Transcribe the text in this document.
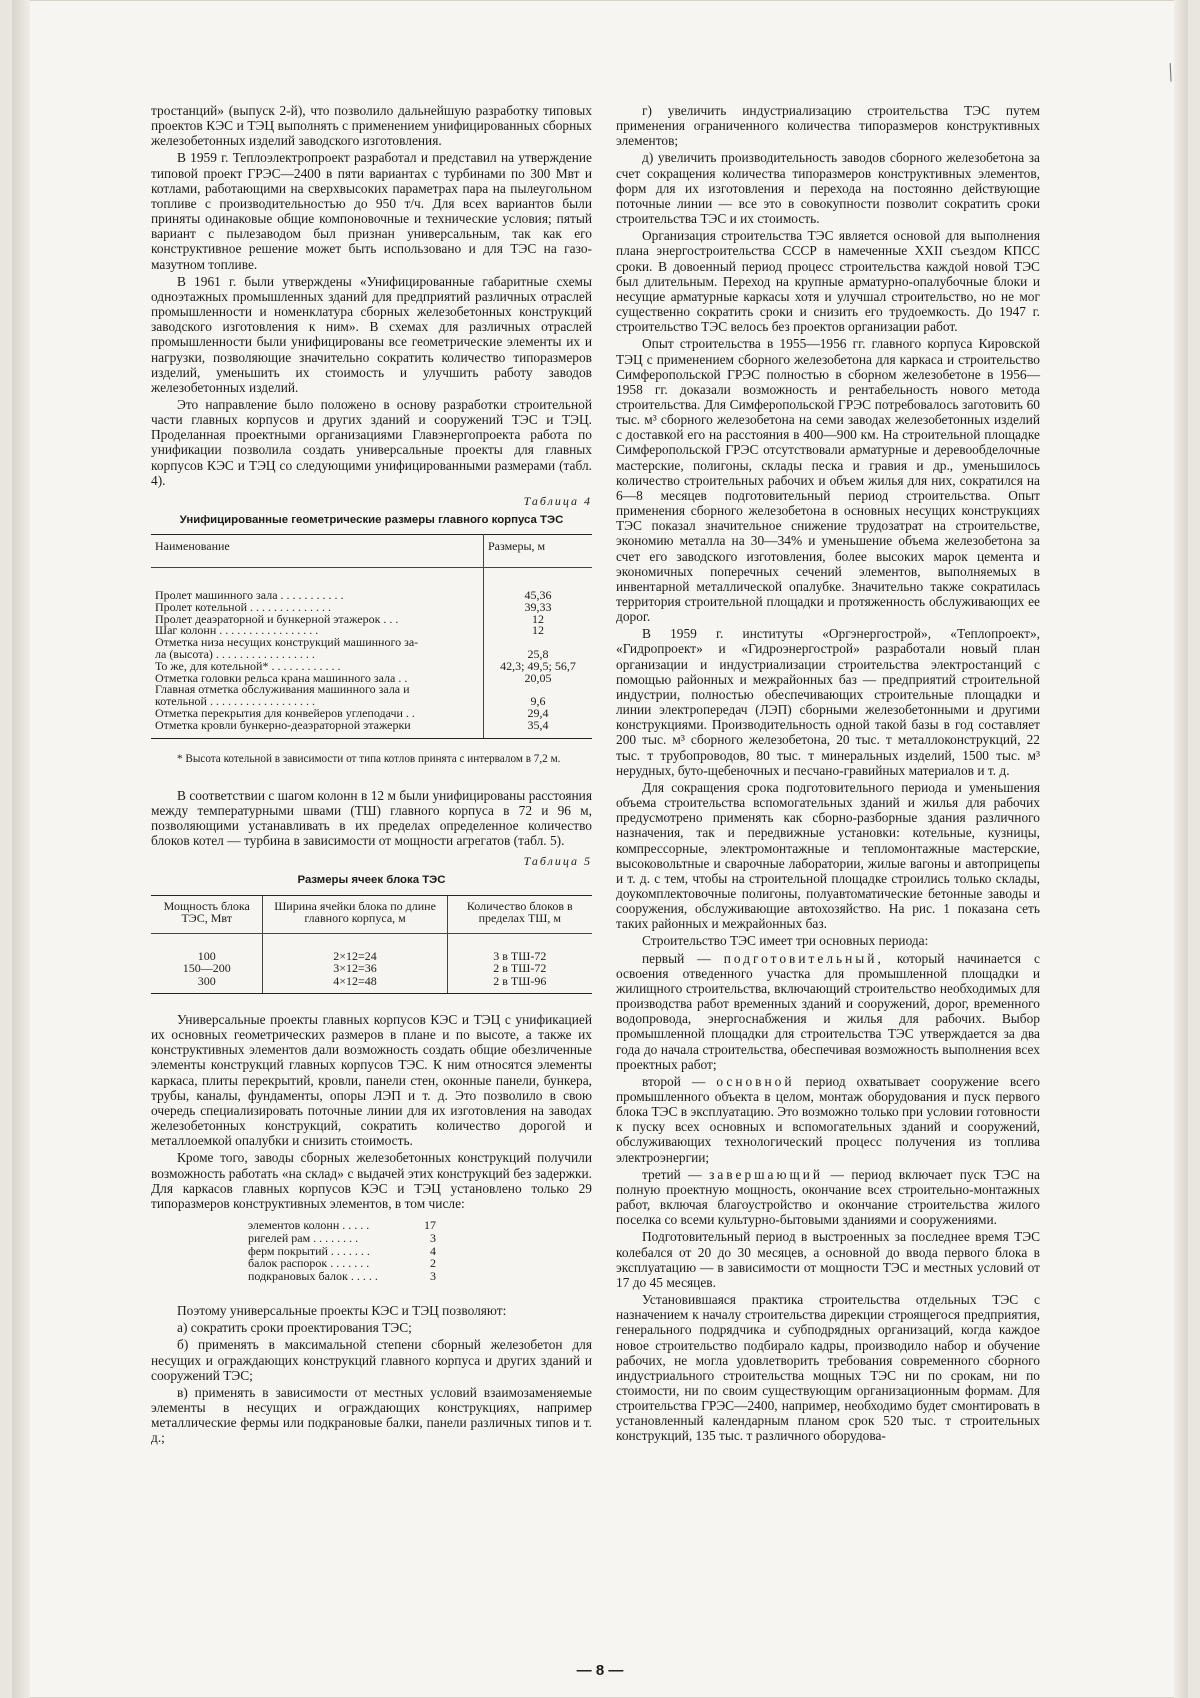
╱

тростанций» (выпуск 2-й), что позволило дальнейшую разработку типовых проектов КЭС и ТЭЦ выполнять с применением унифицированных сборных железобетонных изделий заводского изготовления.

В 1959 г. Теплоэлектропроект разработал и представил на утверждение типовой проект ГРЭС—2400 в пяти вариантах с турбинами по 300 Мвт и котлами, работающими на сверхвысоких параметрах пара на пылеугольном топливе с производительностью до 950 т/ч. Для всех вариантов были приняты одинаковые общие компоновочные и технические условия; пятый вариант с пылезаводом был признан универсальным, так как его конструктивное решение может быть использовано и для ТЭС на газо-мазутном топливе.

В 1961 г. были утверждены «Унифицированные габаритные схемы одноэтажных промышленных зданий для предприятий различных отраслей промышленности и номенклатура сборных железобетонных конструкций заводского изготовления к ним». В схемах для различных отраслей промышленности были унифицированы все геометрические элементы их и нагрузки, позволяющие значительно сократить количество типоразмеров изделий, уменьшить их стоимость и улучшить работу заводов железобетонных изделий.

Это направление было положено в основу разработки строительной части главных корпусов и других зданий и сооружений ТЭС и ТЭЦ. Проделанная проектными организациями Главэнергопроекта работа по унификации позволила создать универсальные проекты для главных корпусов КЭС и ТЭЦ со следующими унифицированными размерами (табл. 4).

Таблица 4
Унифицированные геометрические размеры главного корпуса ТЭС
Наименование	Размеры, м
Пролет машинного зала . . . . . . . . . . .	45,36
Пролет котельной . . . . . . . . . . . . . .	39,33
Пролет деаэраторной и бункерной этажерок . . .	12
Шаг колонн . . . . . . . . . . . . . . . . .	12
Отметка низа несущих конструкций машинного за-	
ла (высота) . . . . . . . . . . . . . . . . .	25,8
То же, для котельной* . . . . . . . . . . . .	42,3; 49,5; 56,7
Отметка головки рельса крана машинного зала . .	20,05
Главная отметка обслуживания машинного зала и	
котельной . . . . . . . . . . . . . . . . . .	9,6
Отметка перекрытия для конвейеров углеподачи . .	29,4
Отметка кровли бункерно-деаэраторной этажерки	35,4
* Высота котельной в зависимости от типа котлов принята с интервалом в 7,2 м.

В соответствии с шагом колонн в 12 м были унифицированы расстояния между температурными швами (ТШ) главного корпуса в 72 и 96 м, позволяющими устанавливать в их пределах определенное количество блоков котел — турбина в зависимости от мощности агрегатов (табл. 5).

Таблица 5
Размеры ячеек блока ТЭС
Мощность блока ТЭС, Мвт	Ширина ячейки блока по длине главного корпуса, м	Количество блоков в пределах ТШ, м
100	2×12=24	3 в ТШ-72
150—200	3×12=36	2 в ТШ-72
300	4×12=48	2 в ТШ-96

Универсальные проекты главных корпусов КЭС и ТЭЦ с унификацией их основных геометрических размеров в плане и по высоте, а также их конструктивных элементов дали возможность создать общие обезличенные элементы конструкций главных корпусов ТЭС. К ним относятся элементы каркаса, плиты перекрытий, кровли, панели стен, оконные панели, бункера, трубы, каналы, фундаменты, опоры ЛЭП и т. д. Это позволило в свою очередь специализировать поточные линии для их изготовления на заводах железобетонных конструкций, сократить количество дорогой и металлоемкой опалубки и снизить стоимость.

Кроме того, заводы сборных железобетонных конструкций получили возможность работать «на склад» с выдачей этих конструкций без задержки. Для каркасов главных корпусов КЭС и ТЭЦ установлено только 29 типоразмеров конструктивных элементов, в том числе:

элементов колонн . . . . .	17
ригелей рам . . . . . . . .	3
ферм покрытий . . . . . . .	4
балок распорок . . . . . . .	2
подкрановых балок . . . . .	3

Поэтому универсальные проекты КЭС и ТЭЦ позволяют:

а) сократить сроки проектирования ТЭС;

б) применять в максимальной степени сборный железобетон для несущих и ограждающих конструкций главного корпуса и других зданий и сооружений ТЭС;

в) применять в зависимости от местных условий взаимозаменяемые элементы в несущих и ограждающих конструкциях, например металлические фермы или подкрановые балки, панели различных типов и т. д.;

г) увеличить индустриализацию строительства ТЭС путем применения ограниченного количества типоразмеров конструктивных элементов;

д) увеличить производительность заводов сборного железобетона за счет сокращения количества типоразмеров конструктивных элементов, форм для их изготовления и перехода на постоянно действующие поточные линии — все это в совокупности позволит сократить сроки строительства ТЭС и их стоимость.

Организация строительства ТЭС является основой для выполнения плана энергостроительства СССР в намеченные XXII съездом КПСС сроки. В довоенный период процесс строительства каждой новой ТЭС был длительным. Переход на крупные арматурно-опалубочные блоки и несущие арматурные каркасы хотя и улучшал строительство, но не мог существенно сократить сроки и снизить его трудоемкость. До 1947 г. строительство ТЭС велось без проектов организации работ.

Опыт строительства в 1955—1956 гг. главного корпуса Кировской ТЭЦ с применением сборного железобетона для каркаса и строительство Симферопольской ГРЭС полностью в сборном железобетоне в 1956—1958 гг. доказали возможность и рентабельность нового метода строительства. Для Симферопольской ГРЭС потребовалось заготовить 60 тыс. м³ сборного железобетона на семи заводах железобетонных изделий с доставкой его на расстояния в 400—900 км. На строительной площадке Симферопольской ГРЭС отсутствовали арматурные и деревообделочные мастерские, полигоны, склады песка и гравия и др., уменьшилось количество строительных рабочих и объем жилья для них, сократился на 6—8 месяцев подготовительный период строительства. Опыт применения сборного железобетона в основных несущих конструкциях ТЭС показал значительное снижение трудозатрат на строительстве, экономию металла на 30—34% и уменьшение объема железобетона за счет его заводского изготовления, более высоких марок цемента и экономичных поперечных сечений элементов, выполняемых в инвентарной металлической опалубке. Значительно также сократилась территория строительной площадки и протяженность обслуживающих ее дорог.

В 1959 г. институты «Оргэнергострой», «Теплопроект», «Гидропроект» и «Гидроэнергострой» разработали новый план организации и индустриализации строительства электростанций с помощью районных и межрайонных баз — предприятий строительной индустрии, полностью обеспечивающих строительные площадки и линии электропередач (ЛЭП) сборными железобетонными и другими конструкциями. Производительность одной такой базы в год составляет 200 тыс. м³ сборного железобетона, 20 тыс. т металлоконструкций, 22 тыс. т трубопроводов, 80 тыс. т минеральных изделий, 1500 тыс. м³ нерудных, буто-щебеночных и песчано-гравийных материалов и т. д.

Для сокращения срока подготовительного периода и уменьшения объема строительства вспомогательных зданий и жилья для рабочих предусмотрено применять как сборно-разборные здания различного назначения, так и передвижные установки: котельные, кузницы, компрессорные, электромонтажные и тепломонтажные мастерские, высоковольтные и сварочные лаборатории, жилые вагоны и автоприцепы и т. д. с тем, чтобы на строительной площадке строились только склады, доукомплектовочные полигоны, полуавтоматические бетонные заводы и сооружения, обслуживающие автохозяйство. На рис. 1 показана сеть таких районных и межрайонных баз.

Строительство ТЭС имеет три основных периода:

первый — подготовительный, который начинается с освоения отведенного участка для промышленной площадки и жилищного строительства, включающий строительство необходимых для производства работ временных зданий и сооружений, дорог, временного водопровода, энергоснабжения и жилья для рабочих. Выбор промышленной площадки для строительства ТЭС утверждается за два года до начала строительства, обеспечивая возможность выполнения всех проектных работ;

второй — основной период охватывает сооружение всего промышленного объекта в целом, монтаж оборудования и пуск первого блока ТЭС в эксплуатацию. Это возможно только при условии готовности к пуску всех основных и вспомогательных зданий и сооружений, обслуживающих технологический процесс получения из топлива электроэнергии;

третий — завершающий — период включает пуск ТЭС на полную проектную мощность, окончание всех строительно-монтажных работ, включая благоустройство и окончание строительства жилого поселка со всеми культурно-бытовыми зданиями и сооружениями.

Подготовительный период в выстроенных за последнее время ТЭС колебался от 20 до 30 месяцев, а основной до ввода первого блока в эксплуатацию — в зависимости от мощности ТЭС и местных условий от 17 до 45 месяцев.

Установившаяся практика строительства отдельных ТЭС с назначением к началу строительства дирекции строящегося предприятия, генерального подрядчика и субподрядных организаций, когда каждое новое строительство подбирало кадры, производило набор и обучение рабочих, не могла удовлетворить требования современного сборного индустриального строительства мощных ТЭС ни по срокам, ни по стоимости, ни по своим существующим организационным формам. Для строительства ГРЭС—2400, например, необходимо будет смонтировать в установленный календарным планом срок 520 тыс. т строительных конструкций, 135 тыс. т различного оборудова-

— 8 —
